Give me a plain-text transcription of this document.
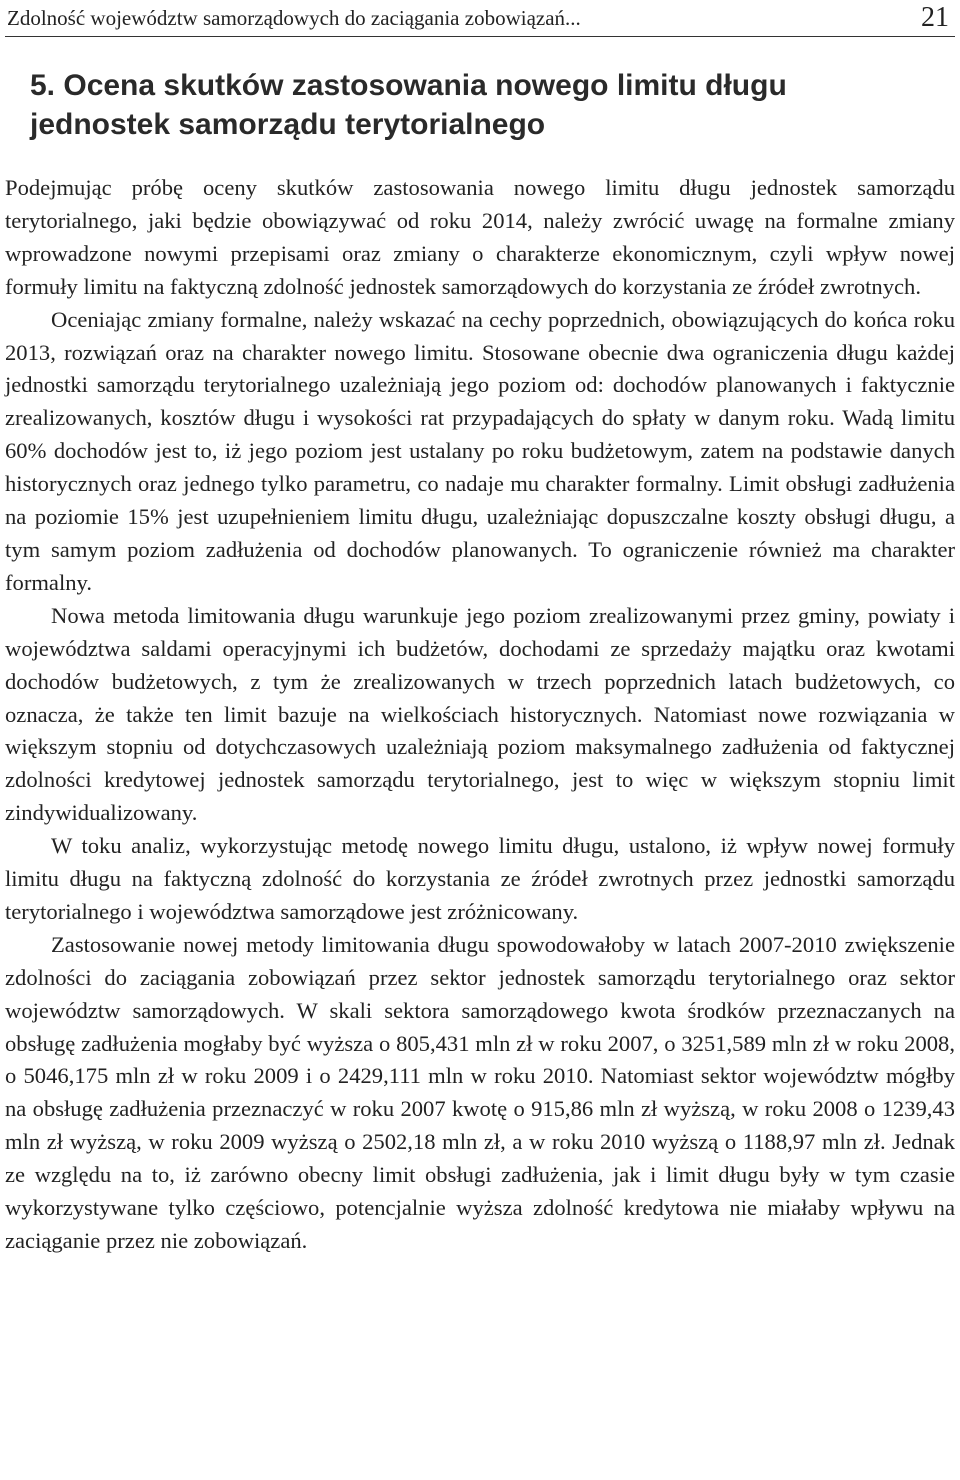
Zdolność województw samorządowych do zaciągania zobowiązań...	21
5. Ocena skutków zastosowania nowego limitu długu
jednostek samorządu terytorialnego

Podejmując próbę oceny skutków zastosowania nowego limitu długu jednostek samorządu terytorialnego, jaki będzie obowiązywać od roku 2014, należy zwrócić uwagę na formalne zmiany wprowadzone nowymi przepisami oraz zmiany o charakterze ekonomicznym, czyli wpływ nowej formuły limitu na faktyczną zdolność jednostek samorządowych do korzystania ze źródeł zwrotnych.

Oceniając zmiany formalne, należy wskazać na cechy poprzednich, obowiązujących do końca roku 2013, rozwiązań oraz na charakter nowego limitu. Stosowane obecnie dwa ograniczenia długu każdej jednostki samorządu terytorialnego uzależniają jego poziom od: dochodów planowanych i faktycznie zrealizowanych, kosztów długu i wysokości rat przypadających do spłaty w danym roku. Wadą limitu 60% dochodów jest to, iż jego poziom jest ustalany po roku budżetowym, zatem na podstawie danych historycznych oraz jednego tylko parametru, co nadaje mu charakter formalny. Limit obsługi zadłużenia na poziomie 15% jest uzupełnieniem limitu długu, uzależniając dopuszczalne koszty obsługi długu, a tym samym poziom zadłużenia od dochodów planowanych. To ograniczenie również ma charakter formalny.

Nowa metoda limitowania długu warunkuje jego poziom zrealizowanymi przez gminy, powiaty i województwa saldami operacyjnymi ich budżetów, dochodami ze sprzedaży majątku oraz kwotami dochodów budżetowych, z tym że zrealizowanych w trzech poprzednich latach budżetowych, co oznacza, że także ten limit bazuje na wielkościach historycznych. Natomiast nowe rozwiązania w większym stopniu od dotychczasowych uzależniają poziom maksymalnego zadłużenia od faktycznej zdolności kredytowej jednostek samorządu terytorialnego, jest to więc w większym stopniu limit zindywidualizowany.

W toku analiz, wykorzystując metodę nowego limitu długu, ustalono, iż wpływ nowej formuły limitu długu na faktyczną zdolność do korzystania ze źródeł zwrotnych przez jednostki samorządu terytorialnego i województwa samorządowe jest zróżnicowany.

Zastosowanie nowej metody limitowania długu spowodowałoby w latach 2007-2010 zwiększenie zdolności do zaciągania zobowiązań przez sektor jednostek samorządu terytorialnego oraz sektor województw samorządowych. W skali sektora samorządowego kwota środków przeznaczanych na obsługę zadłużenia mogłaby być wyższa o 805,431 mln zł w roku 2007, o 3251,589 mln zł w roku 2008, o 5046,175 mln zł w roku 2009 i o 2429,111 mln w roku 2010. Natomiast sektor województw mógłby na obsługę zadłużenia przeznaczyć w roku 2007 kwotę o 915,86 mln zł wyższą, w roku 2008 o 1239,43 mln zł wyższą, w roku 2009 wyższą o 2502,18 mln zł, a w roku 2010 wyższą o 1188,97 mln zł. Jednak ze względu na to, iż zarówno obecny limit obsługi zadłużenia, jak i limit długu były w tym czasie wykorzystywane tylko częściowo, potencjalnie wyższa zdolność kredytowa nie miałaby wpływu na zaciąganie przez nie zobowiązań.
